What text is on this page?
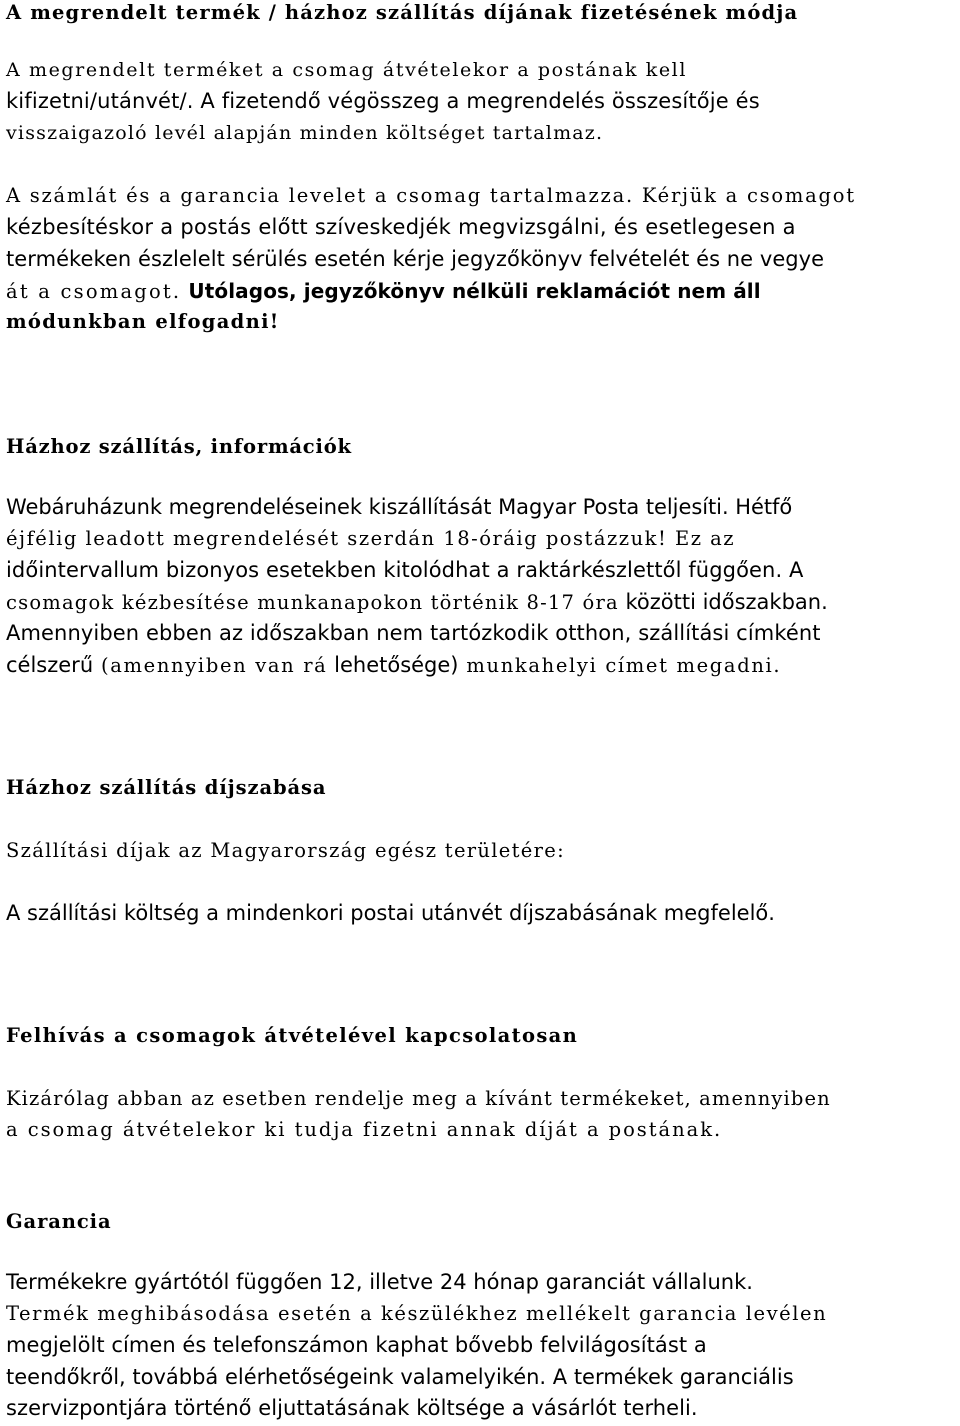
A megrendelt termék / házhoz szállítás díjának fizetésének módja
A megrendelt terméket a csomag átvételekor a postának kell
kifizetni/utánvét/. A fizetendő végösszeg a megrendelés összesítője és
visszaigazoló levél alapján minden költséget tartalmaz.
A számlát és a garancia levelet a csomag tartalmazza. Kérjük a csomagot
kézbesítéskor a postás előtt szíveskedjék megvizsgálni, és esetlegesen a
termékeken észlelelt sérülés esetén kérje jegyzőkönyv felvételét és ne vegye
át a csomagot. Utólagos, jegyzőkönyv nélküli reklamációt nem áll
módunkban elfogadni!
Házhoz szállítás, információk
Webáruházunk megrendeléseinek kiszállítását Magyar Posta teljesíti. Hétfő
éjfélig leadott megrendelését szerdán 18-óráig postázzuk! Ez az
időintervallum bizonyos esetekben kitolódhat a raktárkészlettől függően. A
csomagok kézbesítése munkanapokon történik 8-17 óra közötti időszakban.
Amennyiben ebben az időszakban nem tartózkodik otthon, szállítási címként
célszerű (amennyiben van rá lehetősége) munkahelyi címet megadni.
Házhoz szállítás díjszabása
Szállítási díjak az Magyarország egész területére:
A szállítási költség a mindenkori postai utánvét díjszabásának megfelelő.
Felhívás a csomagok átvételével kapcsolatosan
Kizárólag abban az esetben rendelje meg a kívánt termékeket, amennyiben
a csomag átvételekor ki tudja fizetni annak díját a postának.
Garancia
Termékekre gyártótól függően 12, illetve 24 hónap garanciát vállalunk.
Termék meghibásodása esetén a készülékhez mellékelt garancia levélen
megjelölt címen és telefonszámon kaphat bővebb felvilágosítást a
teendőkről, továbbá elérhetőségeink valamelyikén. A termékek garanciális
szervizpontjára történő eljuttatásának költsége a vásárlót terheli.
